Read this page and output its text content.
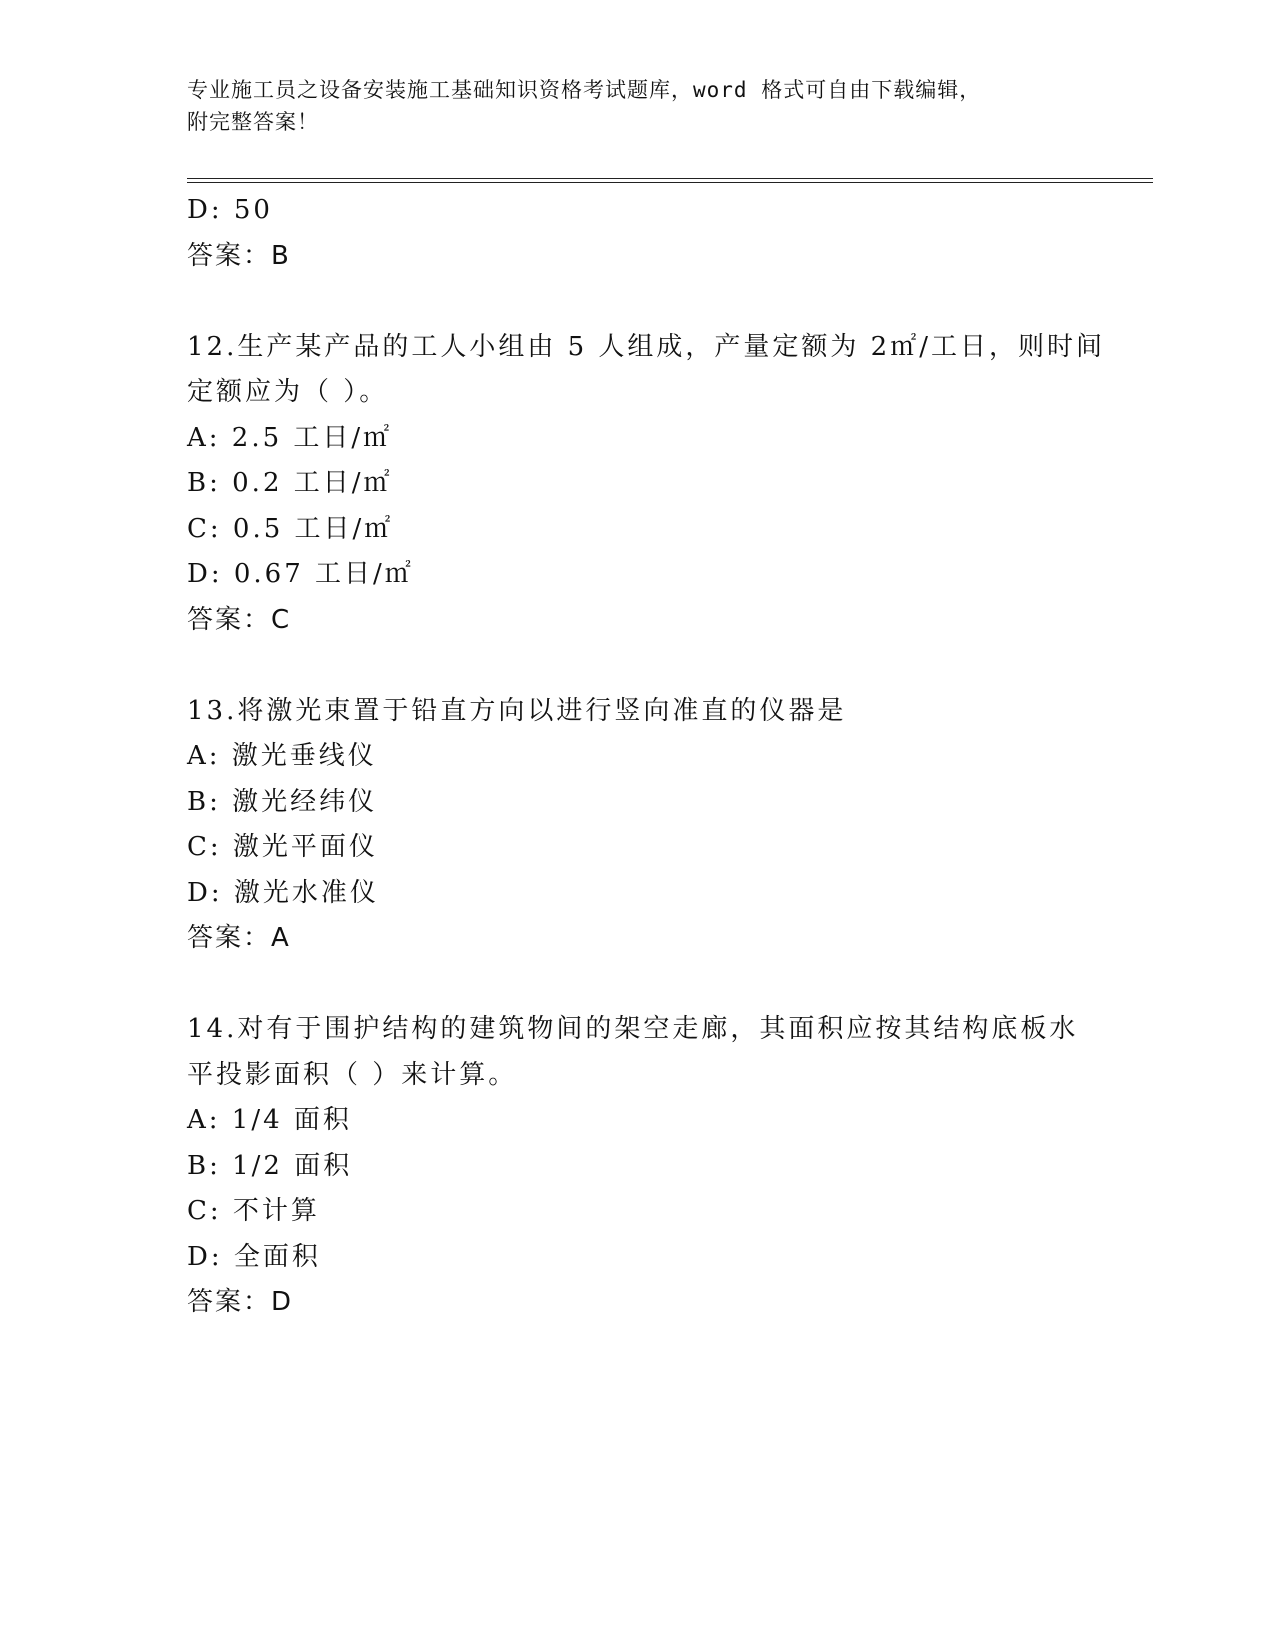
专业施工员之设备安装施工基础知识资格考试题库，word 格式可自由下载编辑，
附完整答案！
D: 50
答案：B
12.生产某产品的工人小组由 5 人组成，产量定额为 2㎡/工日，则时间
定额应为（ ）。
A: 2.5 工日/㎡
B: 0.2 工日/㎡
C: 0.5 工日/㎡
D: 0.67 工日/㎡
答案：C
13.将激光束置于铅直方向以进行竖向准直的仪器是
A: 激光垂线仪
B: 激光经纬仪
C: 激光平面仪
D: 激光水准仪
答案：A
14.对有于围护结构的建筑物间的架空走廊，其面积应按其结构底板水
平投影面积（ ）来计算。
A: 1/4 面积
B: 1/2 面积
C: 不计算
D: 全面积
答案：D
